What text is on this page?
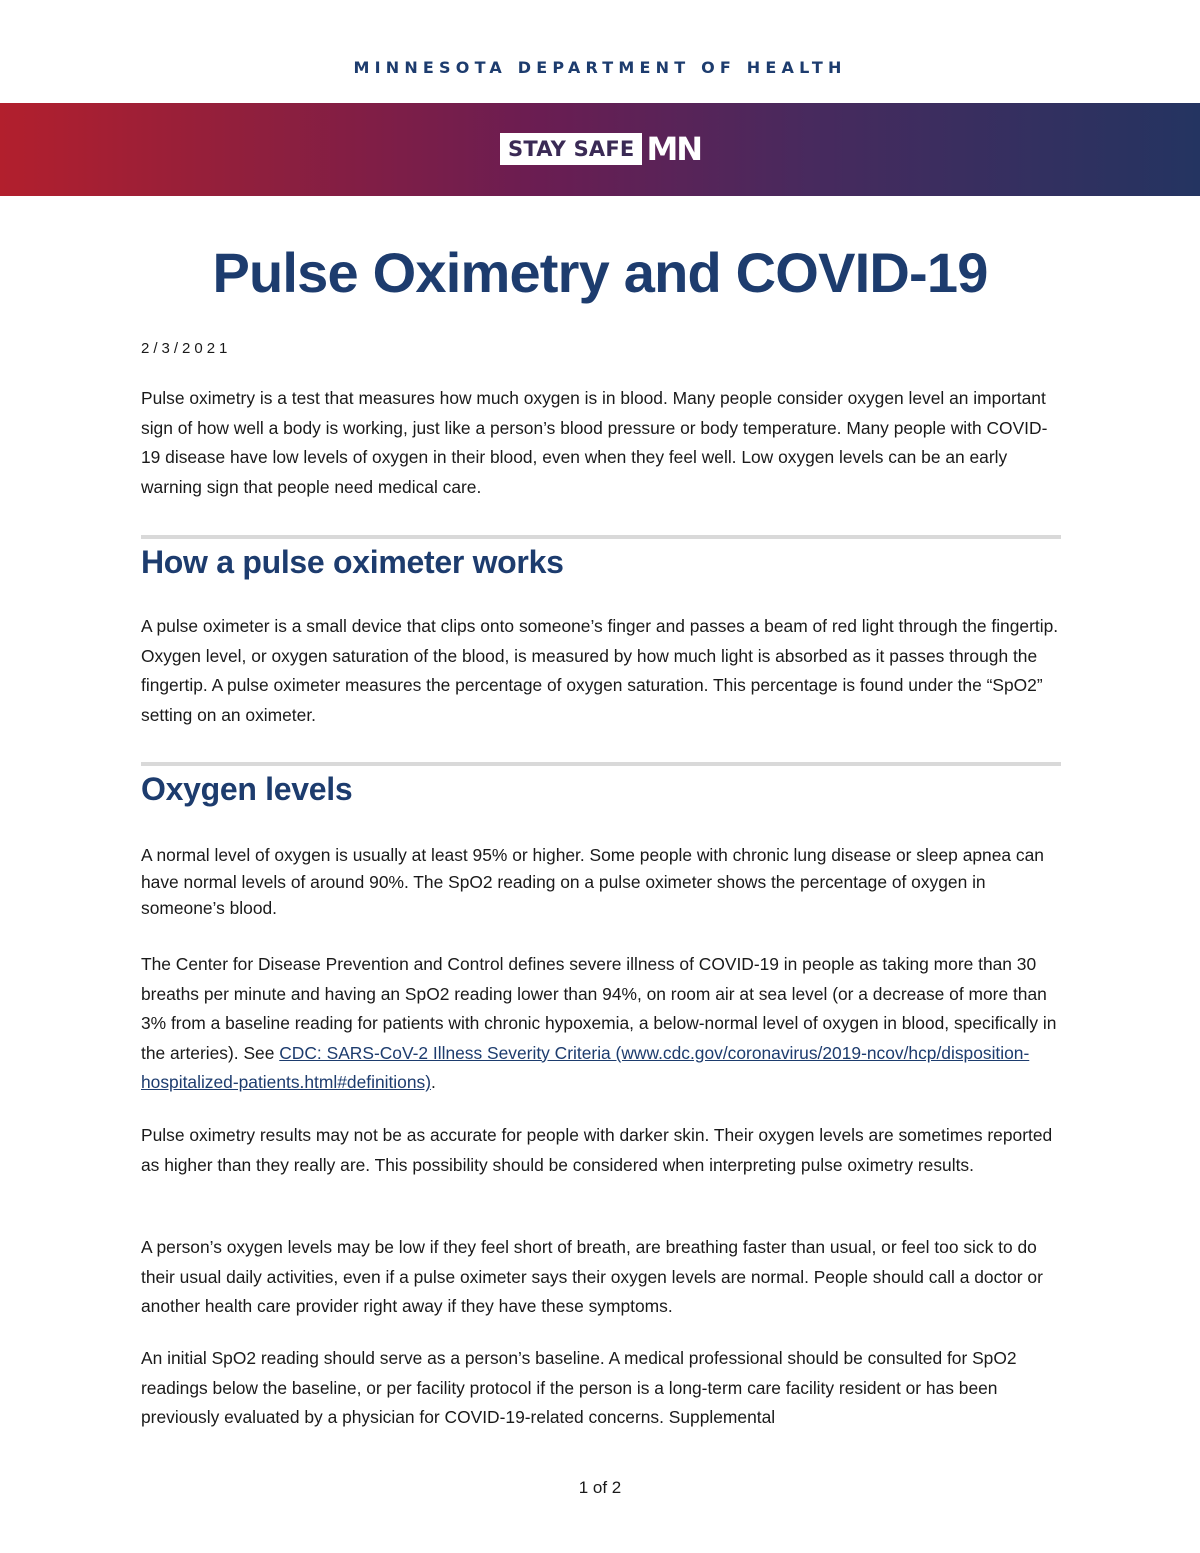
MINNESOTA DEPARTMENT OF HEALTH
STAY SAFE MN
Pulse Oximetry and COVID-19
2/3/2021

Pulse oximetry is a test that measures how much oxygen is in blood. Many people consider oxygen level an important sign of how well a body is working, just like a person’s blood pressure or body temperature. Many people with COVID-19 disease have low levels of oxygen in their blood, even when they feel well. Low oxygen levels can be an early warning sign that people need medical care.

How a pulse oximeter works

A pulse oximeter is a small device that clips onto someone’s finger and passes a beam of red light through the fingertip. Oxygen level, or oxygen saturation of the blood, is measured by how much light is absorbed as it passes through the fingertip. A pulse oximeter measures the percentage of oxygen saturation. This percentage is found under the “SpO2” setting on an oximeter.

Oxygen levels

A normal level of oxygen is usually at least 95% or higher. Some people with chronic lung disease or sleep apnea can have normal levels of around 90%. The SpO2 reading on a pulse oximeter shows the percentage of oxygen in someone’s blood.

The Center for Disease Prevention and Control defines severe illness of COVID-19 in people as taking more than 30 breaths per minute and having an SpO2 reading lower than 94%, on room air at sea level (or a decrease of more than 3% from a baseline reading for patients with chronic hypoxemia, a below-normal level of oxygen in blood, specifically in the arteries). See CDC: SARS-CoV-2 Illness Severity Criteria (www.cdc.gov/coronavirus/2019-ncov/hcp/disposition-hospitalized-patients.html#definitions).

Pulse oximetry results may not be as accurate for people with darker skin. Their oxygen levels are sometimes reported as higher than they really are. This possibility should be considered when interpreting pulse oximetry results.

A person’s oxygen levels may be low if they feel short of breath, are breathing faster than usual, or feel too sick to do their usual daily activities, even if a pulse oximeter says their oxygen levels are normal. People should call a doctor or another health care provider right away if they have these symptoms.

An initial SpO2 reading should serve as a person’s baseline. A medical professional should be consulted for SpO2 readings below the baseline, or per facility protocol if the person is a long-term care facility resident or has been previously evaluated by a physician for COVID-19-related concerns. Supplemental

1 of 2
